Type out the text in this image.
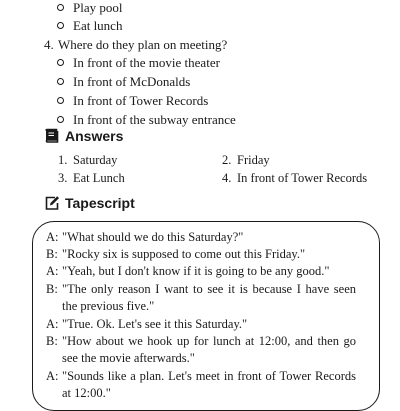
Play pool
Eat lunch
4. Where do they plan on meeting?
In front of the movie theater
In front of McDonalds
In front of Tower Records
In front of the subway entrance
Answers
1. Saturday	2. Friday
3. Eat Lunch	4. In front of Tower Records
Tapescript
A: "What should we do this Saturday?"
B: "Rocky six is supposed to come out this Friday."
A: "Yeah, but I don't know if it is going to be any good."
B: "The only reason I want to see it is because I have seen the previous five."
A: "True. Ok. Let's see it this Saturday."
B: "How about we hook up for lunch at 12:00, and then go see the movie afterwards."
A: "Sounds like a plan. Let's meet in front of Tower Records at 12:00."
